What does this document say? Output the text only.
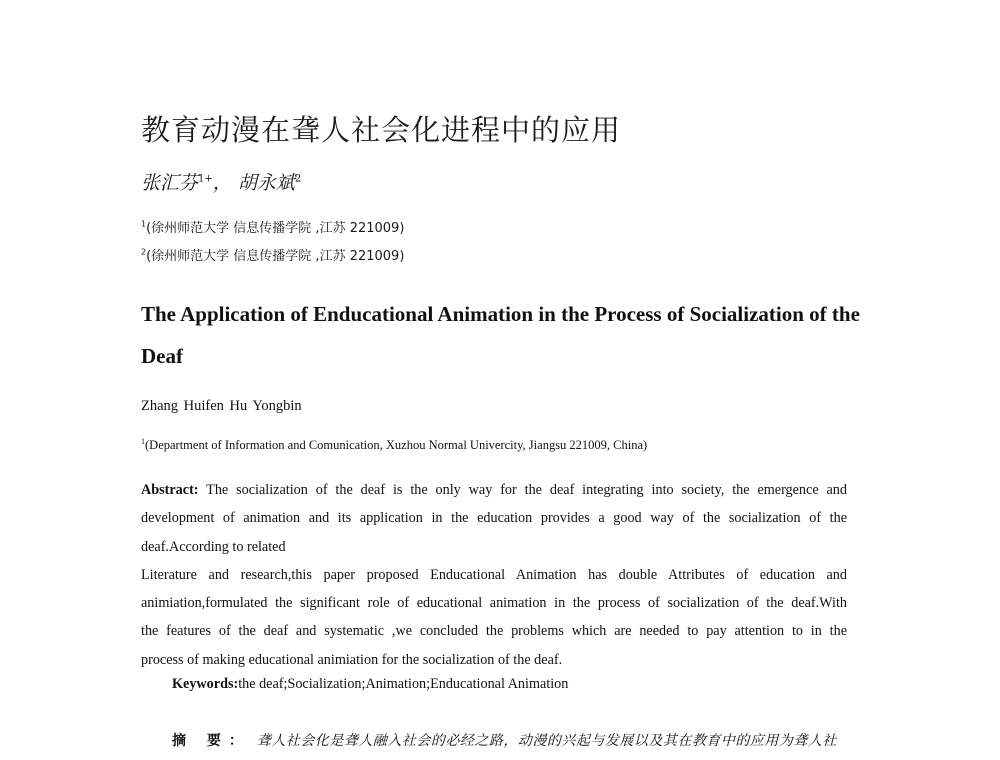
教育动漫在聋人社会化进程中的应用
张汇芬$^{1+}$， 胡永斌$^2$
$^1$(徐州师范大学 信息传播学院 ,江苏 221009)
$^2$(徐州师范大学 信息传播学院 ,江苏 221009)
The Application of Enducational Animation in the Process of Socialization of the Deaf
Zhang Huifen Hu Yongbin
$^1$(Department of Information and Comunication, Xuzhou Normal Univercity, Jiangsu 221009, China)
Abstract: The socialization of the deaf is the only way for the deaf integrating into society, the emergence and
development of animation and its application in the education provides a good way of the socialization of the
deaf.According to related
Literature and research,this paper proposed Enducational Animation has double Attributes of education and
animiation,formulated the significant role of educational animation in the process of socialization of the deaf.With
the features of the deaf and systematic ,we concluded the problems which are needed to pay attention to in the
process of making educational animiation for the socialization of the deaf.
Keywords:the deaf;Socialization;Animation;Enducational Animation
摘 要： 聋人社会化是聋人融入社会的必经之路，动漫的兴起与发展以及其在教育中的应用为聋人社
